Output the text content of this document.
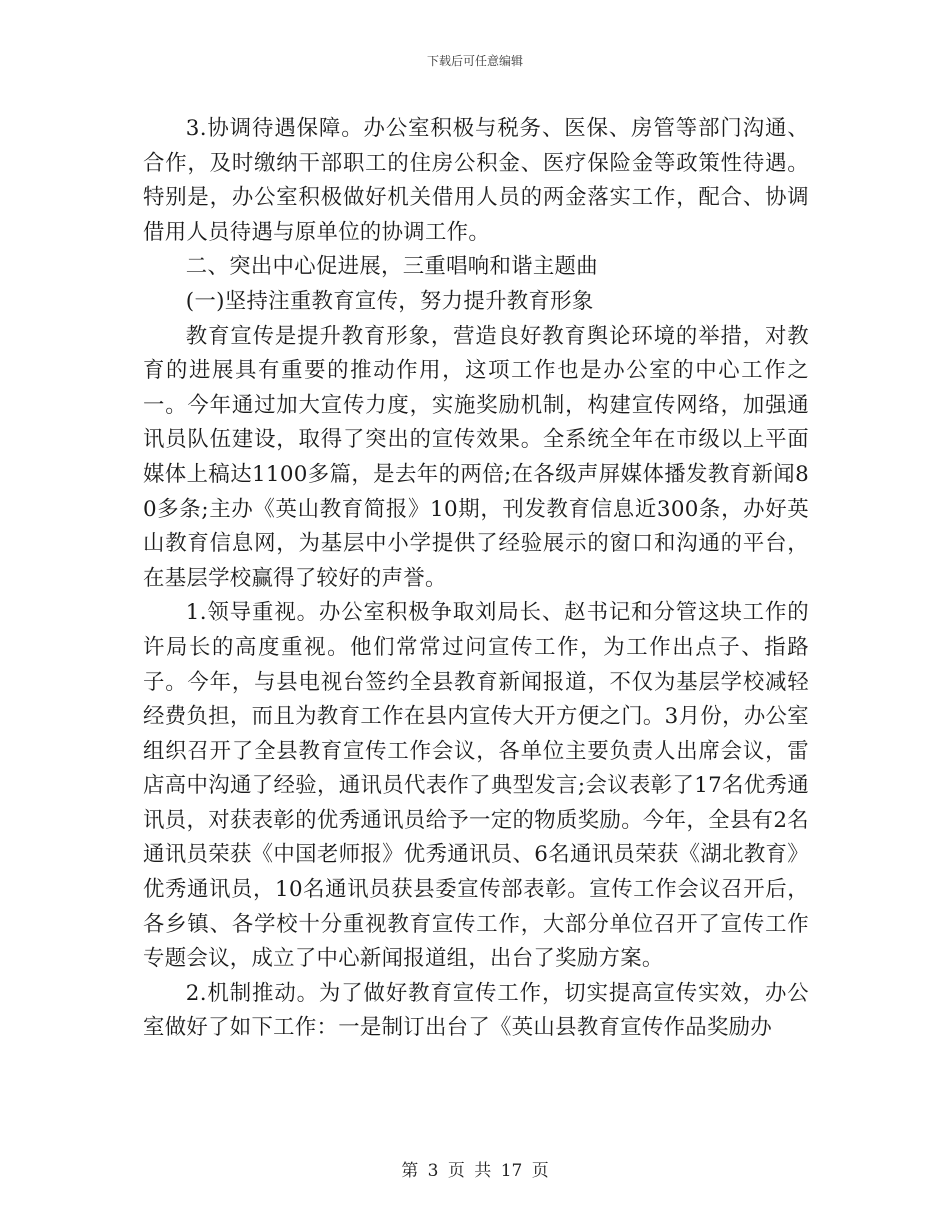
下载后可任意编辑

3.协调待遇保障。办公室积极与税务、医保、房管等部门沟通、合作，及时缴纳干部职工的住房公积金、医疗保险金等政策性待遇。特别是，办公室积极做好机关借用人员的两金落实工作，配合、协调借用人员待遇与原单位的协调工作。

二、突出中心促进展，三重唱响和谐主题曲

(一)坚持注重教育宣传，努力提升教育形象

教育宣传是提升教育形象，营造良好教育舆论环境的举措，对教育的进展具有重要的推动作用，这项工作也是办公室的中心工作之一。今年通过加大宣传力度，实施奖励机制，构建宣传网络，加强通讯员队伍建设，取得了突出的宣传效果。全系统全年在市级以上平面媒体上稿达1100多篇，是去年的两倍;在各级声屏媒体播发教育新闻80多条;主办《英山教育简报》10期，刊发教育信息近300条，办好英山教育信息网，为基层中小学提供了经验展示的窗口和沟通的平台，在基层学校赢得了较好的声誉。

1.领导重视。办公室积极争取刘局长、赵书记和分管这块工作的许局长的高度重视。他们常常过问宣传工作，为工作出点子、指路子。今年，与县电视台签约全县教育新闻报道，不仅为基层学校减轻经费负担，而且为教育工作在县内宣传大开方便之门。3月份，办公室组织召开了全县教育宣传工作会议，各单位主要负责人出席会议，雷店高中沟通了经验，通讯员代表作了典型发言;会议表彰了17名优秀通讯员，对获表彰的优秀通讯员给予一定的物质奖励。今年，全县有2名通讯员荣获《中国老师报》优秀通讯员、6名通讯员荣获《湖北教育》优秀通讯员，10名通讯员获县委宣传部表彰。宣传工作会议召开后，各乡镇、各学校十分重视教育宣传工作，大部分单位召开了宣传工作专题会议，成立了中心新闻报道组，出台了奖励方案。

2.机制推动。为了做好教育宣传工作，切实提高宣传实效，办公室做好了如下工作：一是制订出台了《英山县教育宣传作品奖励办

第 3 页 共 17 页
